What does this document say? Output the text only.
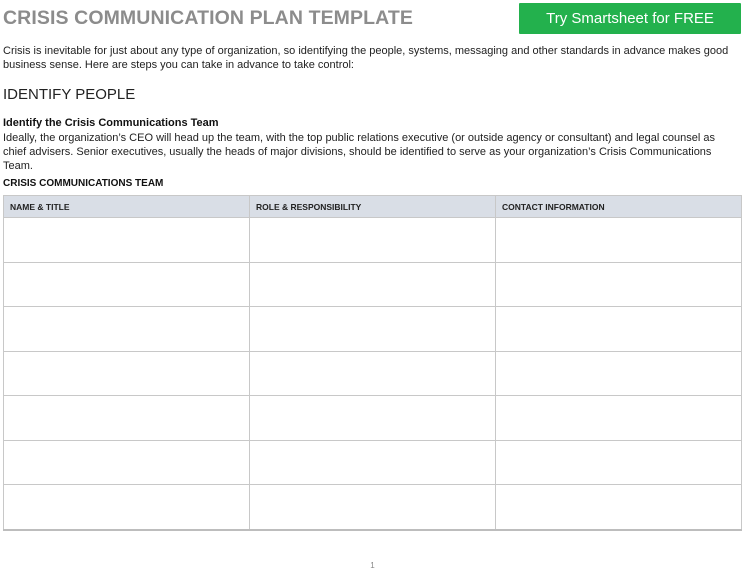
CRISIS COMMUNICATION PLAN TEMPLATE	Try Smartsheet for FREE
Crisis is inevitable for just about any type of organization, so identifying the people, systems, messaging and other standards in advance makes good business sense. Here are steps you can take in advance to take control:
IDENTIFY PEOPLE
Identify the Crisis Communications Team
Ideally, the organization’s CEO will head up the team, with the top public relations executive (or outside agency or consultant) and legal counsel as chief advisers. Senior executives, usually the heads of major divisions, should be identified to serve as your organization’s Crisis Communications Team.
CRISIS COMMUNICATIONS TEAM
NAME & TITLE	ROLE & RESPONSIBILITY	CONTACT INFORMATION

1
